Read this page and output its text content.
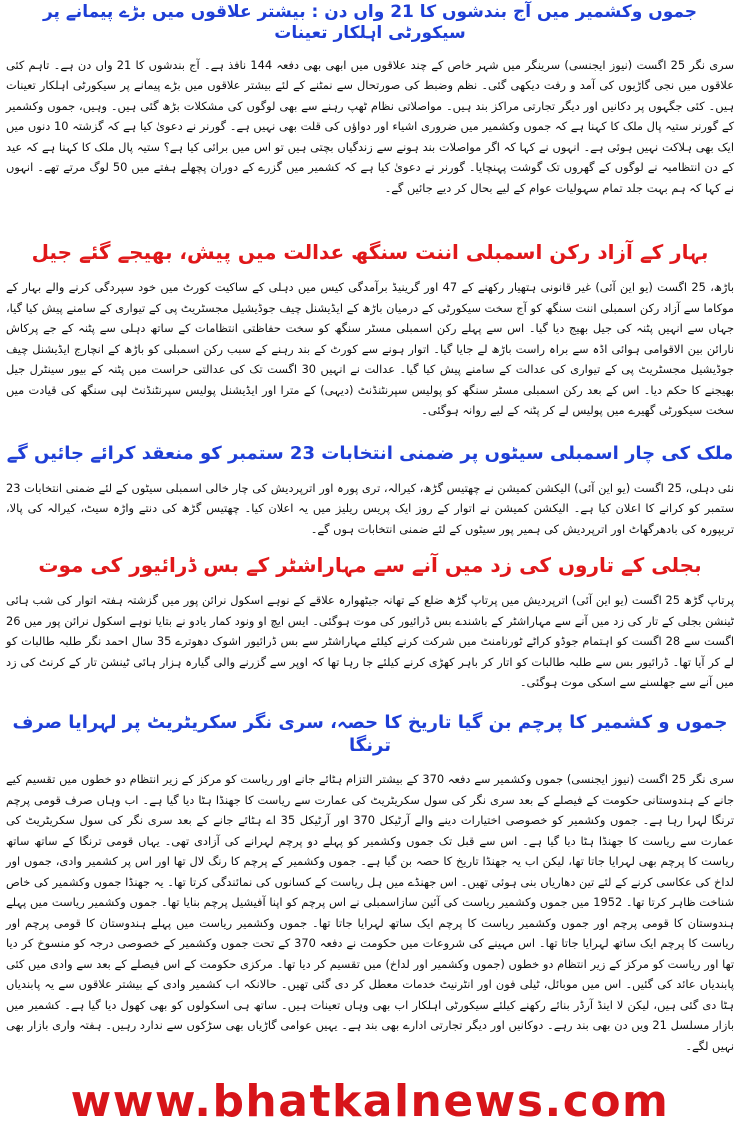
جموں وکشمیر میں آج بندشوں کا 21 واں دن : بیشتر علاقوں میں بڑے پیمانے پر سیکورٹی اہلکار تعینات

سری نگر 25 اگست (نیوز ایجنسی) سرینگر میں شہر خاص کے چند علاقوں میں ابھی بھی دفعہ 144 نافذ ہے۔ آج بندشوں کا 21 واں دن ہے۔ تاہم کئی علاقوں میں نجی گاڑیوں کی آمد و رفت دیکھی گئی۔ نظم وضبط کی صورتحال سے نمٹنے کے لئے بیشتر علاقوں میں بڑے پیمانے پر سیکورٹی اہلکار تعینات ہیں۔ کئی جگہوں پر دکانیں اور دیگر تجارتی مراکز بند ہیں۔ مواصلاتی نظام ٹھپ رہنے سے بھی لوگوں کی مشکلات بڑھ گئی ہیں۔ وہیں، جموں وکشمیر کے گورنر ستیہ پال ملک کا کہنا ہے کہ جموں وکشمیر میں ضروری اشیاء اور دواؤں کی قلت بھی نہیں ہے۔ گورنر نے دعویٰ کیا ہے کہ گزشتہ 10 دنوں میں ایک بھی ہلاکت نہیں ہوئی ہے۔ انہوں نے کہا کہ اگر مواصلات بند ہونے سے زندگیاں بچتی ہیں تو اس میں برائی کیا ہے؟ ستیہ پال ملک کا کہنا ہے کہ عید کے دن انتظامیہ نے لوگوں کے گھروں تک گوشت پہنچایا۔ گورنر نے دعویٰ کیا ہے کہ کشمیر میں گزرے کے دوران پچھلے ہفتے میں 50 لوگ مرتے تھے۔ انہوں نے کہا کہ ہم بہت جلد تمام سہولیات عوام کے لیے بحال کر دیے جائیں گے۔

بہار کے آزاد رکن اسمبلی اننت سنگھ عدالت میں پیش، بھیجے گئے جیل

باڑھ، 25 اگست (یو این آئی) غیر قانونی ہتھیار رکھنے کے 47 اور گرینیڈ برآمدگی کیس میں دہلی کے ساکیت کورٹ میں خود سپردگی کرنے والے بہار کے موکاما سے آزاد رکن اسمبلی اننت سنگھ کو آج سخت سیکورٹی کے درمیان باڑھ کے ایڈیشنل چیف جوڈیشیل مجسٹریٹ پی کے تیواری کے سامنے پیش کیا گیا، جہاں سے انہیں پٹنہ کی جیل بھیج دیا گیا۔ اس سے پہلے رکن اسمبلی مسٹر سنگھ کو سخت حفاظتی انتظامات کے ساتھ دہلی سے پٹنہ کے جے پرکاش نارائن بین الاقوامی ہوائی اڈہ سے براہ راست باڑھ لے جایا گیا۔ اتوار ہونے سے کورٹ کے بند رہنے کے سبب رکن اسمبلی کو باڑھ کے انچارج ایڈیشنل چیف جوڈیشیل مجسٹریٹ پی کے تیواری کی عدالت کے سامنے پیش کیا گیا۔ عدالت نے انہیں 30 اگست تک کی عدالتی حراست میں پٹنہ کے بیور سینٹرل جیل بھیجنے کا حکم دیا۔ اس کے بعد رکن اسمبلی مسٹر سنگھ کو پولیس سپرنٹنڈنٹ (دیہی) کے مترا اور ایڈیشنل پولیس سپرنٹنڈنٹ لپی سنگھ کی قیادت میں سخت سیکورٹی گھیرے میں پولیس لے کر پٹنہ کے لیے روانہ ہوگئی۔

ملک کی چار اسمبلی سیٹوں پر ضمنی انتخابات 23 ستمبر کو منعقد کرائے جائیں گے

نئی دہلی، 25 اگست (یو این آئی) الیکشن کمیشن نے چھتیس گڑھ، کیرالہ، تری پورہ اور اترپردیش کی چار خالی اسمبلی سیٹوں کے لئے ضمنی انتخابات 23 ستمبر کو کرانے کا اعلان کیا ہے۔ الیکشن کمیشن نے اتوار کے روز ایک پریس ریلیز میں یہ اعلان کیا۔ چھتیس گڑھ کی دنتے واڑہ سیٹ، کیرالہ کی پالا، تریپورہ کی بادھرگھاٹ اور اترپردیش کی ہمیر پور سیٹوں کے لئے ضمنی انتخابات ہوں گے۔

بجلی کے تاروں کی زد میں آنے سے مہاراشٹر کے بس ڈرائیور کی موت

پرتاپ گڑھ 25 اگست (یو این آئی) اترپردیش میں پرتاپ گڑھ ضلع کے تھانہ جیٹھوارہ علاقے کے نوہے اسکول نرائن پور میں گزشتہ ہفتہ اتوار کی شب ہائی ٹینشن بجلی کے تار کی زد میں آنے سے مہاراشٹر کے باشندے بس ڈرائیور کی موت ہوگئی۔ ایس ایچ او ونود کمار یادو نے بتایا نوہے اسکول نرائن پور میں 26 اگست سے 28 اگست کو اہتمام جوڈو کراٹے ٹورنامنٹ میں شرکت کرنے کیلئے مہاراشٹر سے بس ڈرائیور اشوک دھوترے 35 سال احمد نگر طلبہ طالبات کو لے کر آیا تھا۔ ڈرائیور بس سے طلبہ طالبات کو اتار کر باہر کھڑی کرنے کیلئے جا رہا تھا کہ اوپر سے گزرنے والی گیارہ ہزار ہائی ٹینشن تار کے کرنٹ کی زد میں آنے سے جھلسنے سے اسکی موت ہوگئی۔

جموں و کشمیر کا پرچم بن گیا تاریخ کا حصہ، سری نگر سکریٹریٹ پر لہرایا صرف ترنگا

سری نگر 25 اگست (نیوز ایجنسی) جموں وکشمیر سے دفعہ 370 کے بیشتر التزام ہٹائے جانے اور ریاست کو مرکز کے زیر انتظام دو خطوں میں تقسیم کیے جانے کے ہندوستانی حکومت کے فیصلے کے بعد سری نگر کی سول سکریٹریٹ کی عمارت سے ریاست کا جھنڈا ہٹا دیا گیا ہے۔ اب وہاں صرف قومی پرچم ترنگا لہرا رہا ہے۔ جموں وکشمیر کو خصوصی اختیارات دینے والے آرٹیکل 370 اور آرٹیکل 35 اے ہٹائے جانے کے بعد سری نگر کی سول سکریٹریٹ کی عمارت سے ریاست کا جھنڈا ہٹا دیا گیا ہے۔ اس سے قبل تک جموں وکشمیر کو پہلے دو پرچم لہرانے کی آزادی تھی۔ یہاں قومی ترنگا کے ساتھ ساتھ ریاست کا پرچم بھی لہرایا جاتا تھا، لیکن اب یہ جھنڈا تاریخ کا حصہ بن گیا ہے۔ جموں وکشمیر کے پرچم کا رنگ لال تھا اور اس پر کشمیر وادی، جموں اور لداخ کی عکاسی کرنے کے لئے تین دھاریاں بنی ہوئی تھیں۔ اس جھنڈے میں ہل ریاست کے کسانوں کی نمائندگی کرتا تھا۔ یہ جھنڈا جموں وکشمیر کی خاص شناخت ظاہر کرتا تھا۔ 1952 میں جموں وکشمیر ریاست کی آئین سازاسمبلی نے اس پرچم کو اپنا آفیشیل پرچم بنایا تھا۔ جموں وکشمیر ریاست میں پہلے ہندوستان کا قومی پرچم اور جموں وکشمیر ریاست کا پرچم ایک ساتھ لہرایا جاتا تھا۔ جموں وکشمیر ریاست میں پہلے ہندوستان کا قومی پرچم اور ریاست کا پرچم ایک ساتھ لہرایا جاتا تھا۔ اس مہینے کی شروعات میں حکومت نے دفعہ 370 کے تحت جموں وکشمیر کے خصوصی درجہ کو منسوخ کر دیا تھا اور ریاست کو مرکز کے زیر انتظام دو خطوں (جموں وکشمیر اور لداخ) میں تقسیم کر دیا تھا۔ مرکزی حکومت کے اس فیصلے کے بعد سے وادی میں کئی پابندیاں عائد کی گئیں۔ اس میں موبائل، ٹیلی فون اور انٹرنیٹ خدمات معطل کر دی گئی تھیں۔ حالانکہ اب کشمیر وادی کے بیشتر علاقوں سے یہ پابندیاں ہٹا دی گئی ہیں، لیکن لا اینڈ آرڈر بنائے رکھنے کیلئے سیکورٹی اہلکار اب بھی وہاں تعینات ہیں۔ ساتھ ہی اسکولوں کو بھی کھول دیا گیا ہے۔ کشمیر میں بازار مسلسل 21 ویں دن بھی بند رہے۔ دوکانیں اور دیگر تجارتی ادارے بھی بند ہے۔ یہیں عوامی گاڑیاں بھی سڑکوں سے ندارد رہیں۔ ہفتہ واری بازار بھی نہیں لگے۔

www.bhatkalnews.com
